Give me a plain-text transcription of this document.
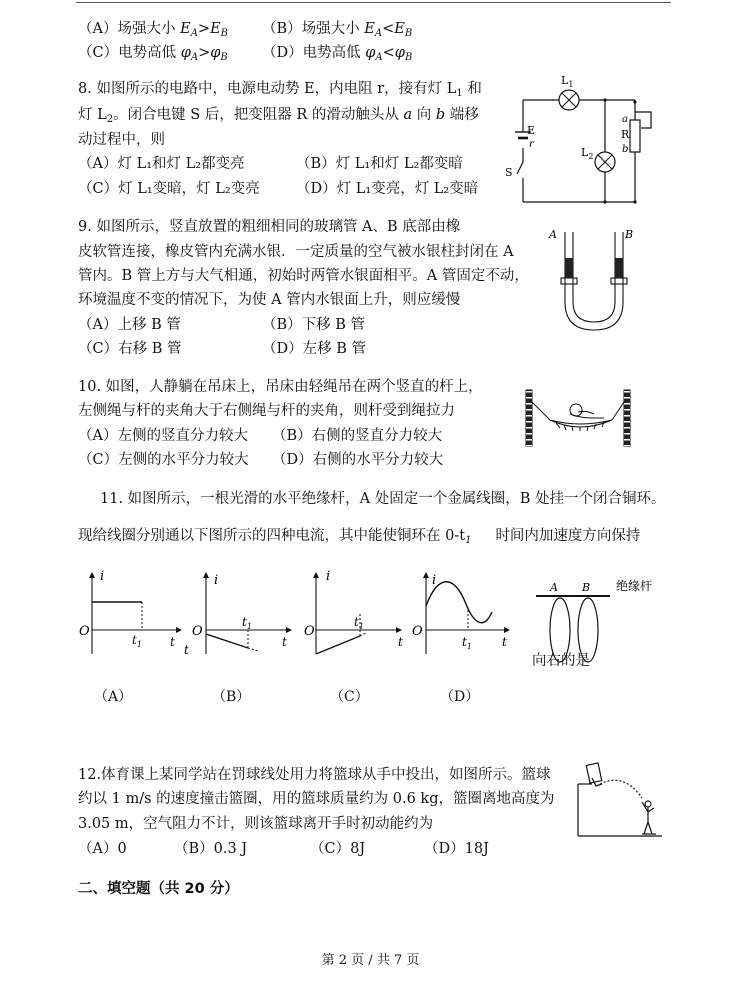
（A）场强大小 $E_A>E_B$ （B）场强大小 $E_A<E_B$
（C）电势高低 $\varphi_A>\varphi_B$ （D）电势高低 $\varphi_A<\varphi_B$
8. 如图所示的电路中，电源电动势 E，内电阻 r，接有灯 $L_1$ 和
灯 $L_2$。闭合电键 S 后，把变阻器 R 的滑动触头从 a 向 b 端移
动过程中，则
（A）灯 L₁和灯 L₂都变亮	（B）灯 L₁和灯 L₂都变暗
（C）灯 L₁变暗，灯 L₂变亮	（D）灯 L₁变亮，灯 L₂变暗
$L_1$
$L_2$
E
r
S
a
R
b
9. 如图所示，竖直放置的粗细相同的玻璃管 A、B 底部由橡
皮软管连接，橡皮管内充满水银．一定质量的空气被水银柱封闭在 A
管内。B 管上方与大气相通，初始时两管水银面相平。A 管固定不动，
环境温度不变的情况下，为使 A 管内水银面上升，则应缓慢
（A）上移 B 管	（B）下移 B 管
（C）右移 B 管	（D）左移 B 管
A	B
10. 如图，人静躺在吊床上，吊床由轻绳吊在两个竖直的杆上，
左侧绳与杆的夹角大于右侧绳与杆的夹角，则杆受到绳拉力
（A）左侧的竖直分力较大 （B）右侧的竖直分力较大
（C）左侧的水平分力较大 （D）右侧的水平分力较大
11. 如图所示，一根光滑的水平绝缘杆，A 处固定一个金属线圈，B 处挂一个闭合铜环。
现给线圈分别通以下图所示的四种电流，其中能使铜环在 $0-t_1$ 时间内加速度方向保持
i
O
t
$t_1$
i
O
t
t
$t_1$
i
O
t
$t_1$
i
O
t
$t_1$
A B 绝缘杆
向右的是
（A）	（B）	（C）	（D）
12.体育课上某同学站在罚球线处用力将篮球从手中投出，如图所示。篮球
约以 1 m/s 的速度撞击篮圈，用的篮球质量约为 0.6 kg，篮圈离地高度为
3.05 m，空气阻力不计，则该篮球离开手时初动能约为
（A）0	（B）0.3 J	（C）8J	（D）18J
二、填空题（共 20 分）
第 2 页 / 共 7 页
